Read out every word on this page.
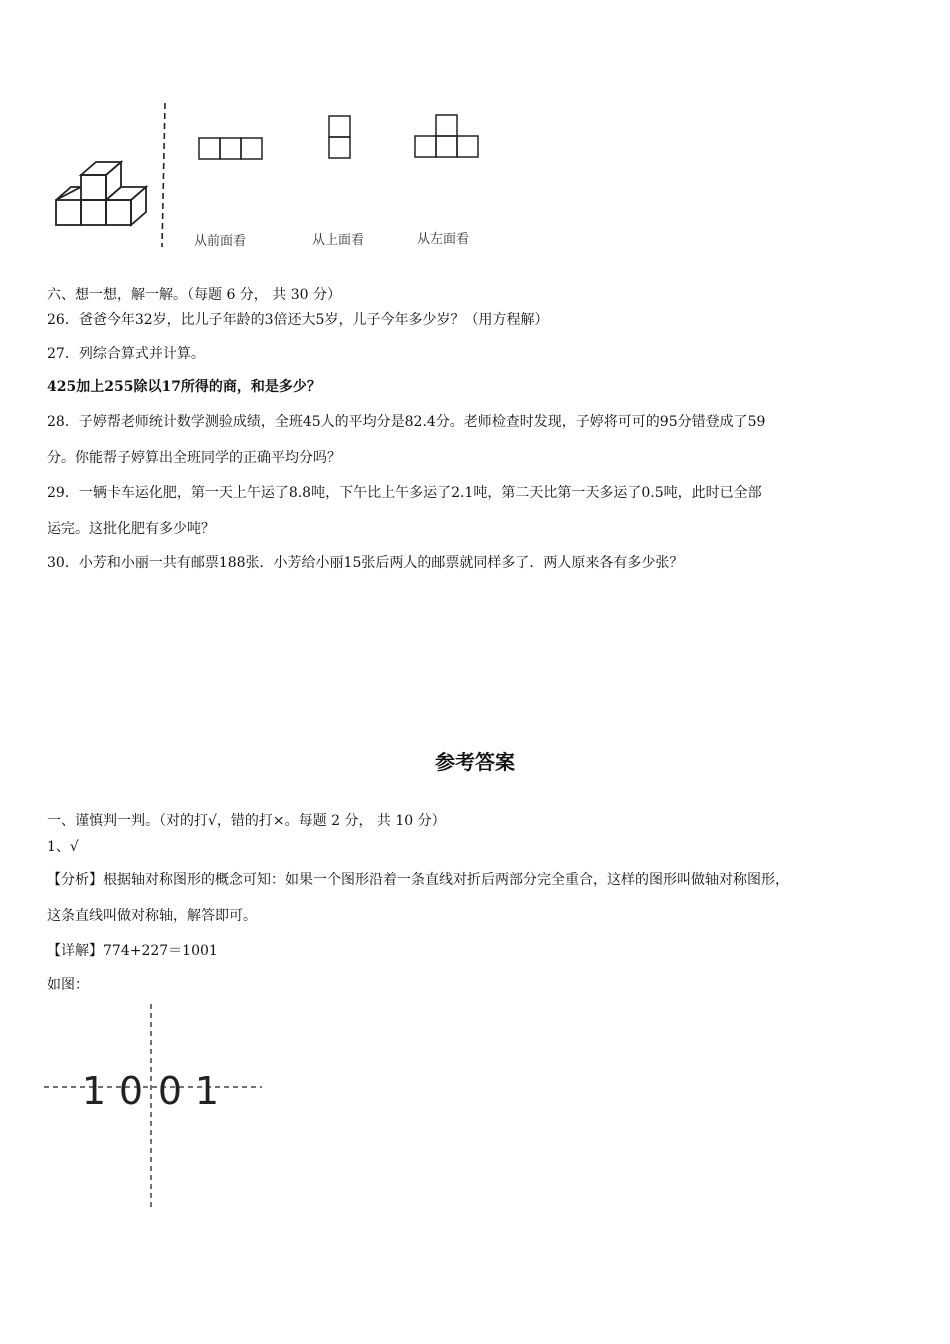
从前面看	从上面看	从左面看
六、想一想，解一解。（每题 6 分， 共 30 分）
26．爸爸今年32岁，比儿子年龄的3倍还大5岁，儿子今年多少岁？（用方程解）
27．列综合算式并计算。
425加上255除以17所得的商，和是多少？
28．子婷帮老师统计数学测验成绩，全班45人的平均分是82.4分。老师检查时发现，子婷将可可的95分错登成了59
分。你能帮子婷算出全班同学的正确平均分吗？
29．一辆卡车运化肥，第一天上午运了8.8吨，下午比上午多运了2.1吨，第二天比第一天多运了0.5吨，此时已全部
运完。这批化肥有多少吨？
30．小芳和小丽一共有邮票188张．小芳给小丽15张后两人的邮票就同样多了．两人原来各有多少张？
参考答案
一、谨慎判一判。（对的打√，错的打×。每题 2 分， 共 10 分）
1、√
【分析】根据轴对称图形的概念可知：如果一个图形沿着一条直线对折后两部分完全重合，这样的图形叫做轴对称图形，
这条直线叫做对称轴，解答即可。
【详解】774+227＝1001
如图：
1 0 0 1
